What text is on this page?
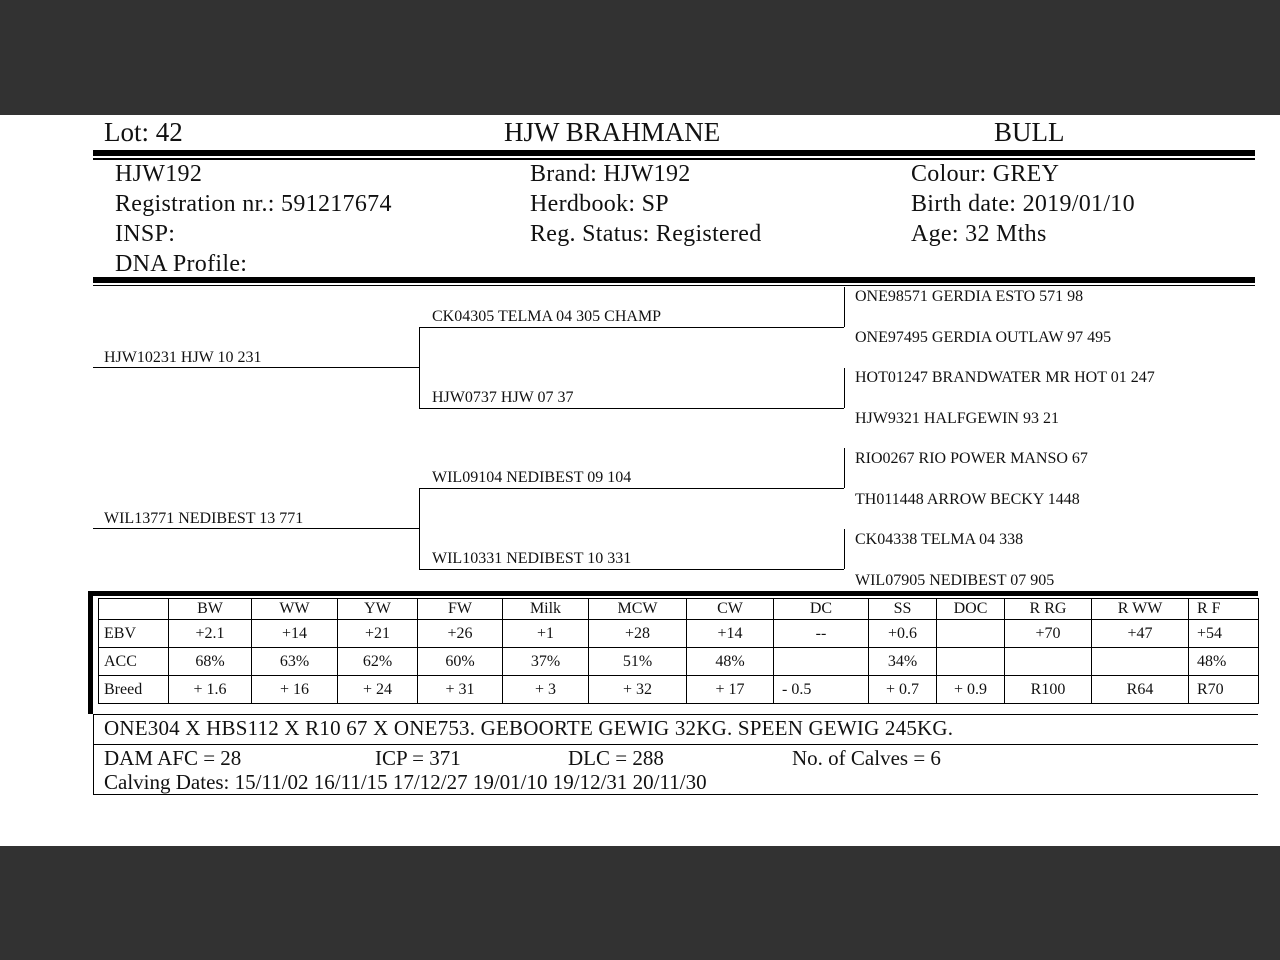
Lot: 42	HJW BRAHMANE	BULL
HJW192
Registration nr.: 591217674
INSP:
DNA Profile:
Brand: HJW192
Herdbook: SP
Reg. Status: Registered
Colour: GREY
Birth date: 2019/01/10
Age: 32 Mths
HJW10231 HJW 10 231
WIL13771 NEDIBEST 13 771
CK04305 TELMA 04 305 CHAMP
HJW0737 HJW 07 37
WIL09104 NEDIBEST 09 104
WIL10331 NEDIBEST 10 331
ONE98571 GERDIA ESTO 571 98
ONE97495 GERDIA OUTLAW 97 495
HOT01247 BRANDWATER MR HOT 01 247
HJW9321 HALFGEWIN 93 21
RIO0267 RIO POWER MANSO 67
TH011448 ARROW BECKY 1448
CK04338 TELMA 04 338
WIL07905 NEDIBEST 07 905
	BW	WW	YW	FW	Milk	MCW	CW	DC	SS	DOC	R RG	R WW	R F
EBV	+2.1	+14	+21	+26	+1	+28	+14	--	+0.6		+70	+47	+54
ACC	68%	63%	62%	60%	37%	51%	48%		34%				48%
Breed	+ 1.6	+ 16	+ 24	+ 31	+ 3	+ 32	+ 17	- 0.5	+ 0.7	+ 0.9	R100	R64	R70
ONE304 X HBS112 X R10 67 X ONE753. GEBOORTE GEWIG 32KG. SPEEN GEWIG 245KG.
DAM AFC = 28	ICP = 371	DLC = 288	No. of Calves = 6
Calving Dates: 15/11/02 16/11/15 17/12/27 19/01/10 19/12/31 20/11/30
